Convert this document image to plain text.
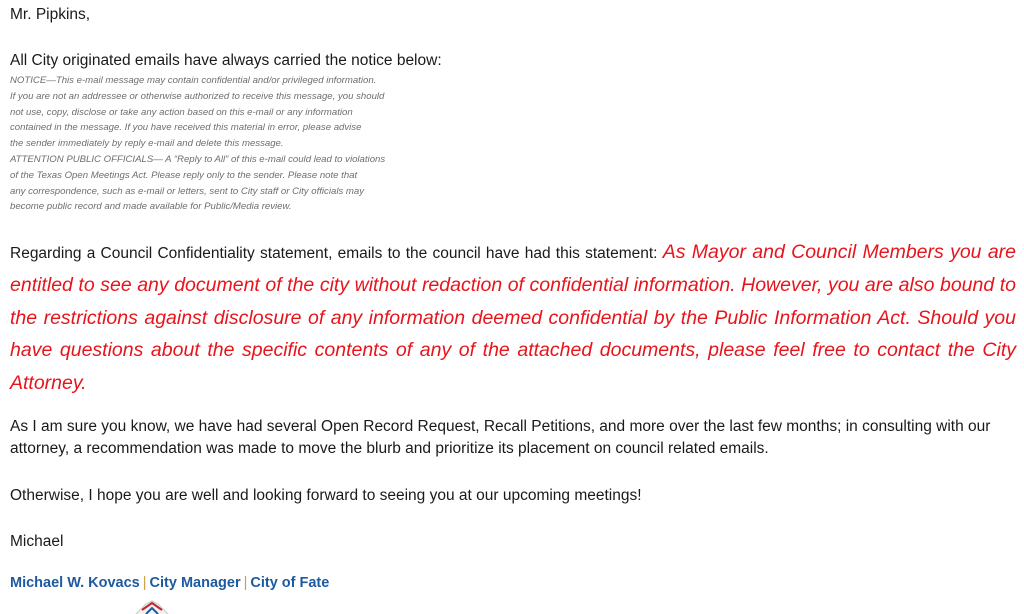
Mr. Pipkins,

All City originated emails have always carried the notice below:

NOTICE—This e-mail message may contain confidential and/or privileged information.
If you are not an addressee or otherwise authorized to receive this message, you should
not use, copy, disclose or take any action based on this e-mail or any information
contained in the message. If you have received this material in error, please advise
the sender immediately by reply e-mail and delete this message.
ATTENTION PUBLIC OFFICIALS— A “Reply to All” of this e-mail could lead to violations
of the Texas Open Meetings Act. Please reply only to the sender. Please note that
any correspondence, such as e-mail or letters, sent to City staff or City officials may
become public record and made available for Public/Media review.

Regarding a Council Confidentiality statement, emails to the council have had this statement: As Mayor and Council Members you are entitled to see any document of the city without redaction of confidential information. However, you are also bound to the restrictions against disclosure of any information deemed confidential by the Public Information Act. Should you have questions about the specific contents of any of the attached documents, please feel free to contact the City Attorney.

As I am sure you know, we have had several Open Record Request, Recall Petitions, and more over the last few months; in consulting with our attorney, a recommendation was made to move the blurb and prioritize its placement on council related emails.

Otherwise, I hope you are well and looking forward to seeing you at our upcoming meetings!

Michael

Michael W. Kovacs | City Manager | City of Fate
